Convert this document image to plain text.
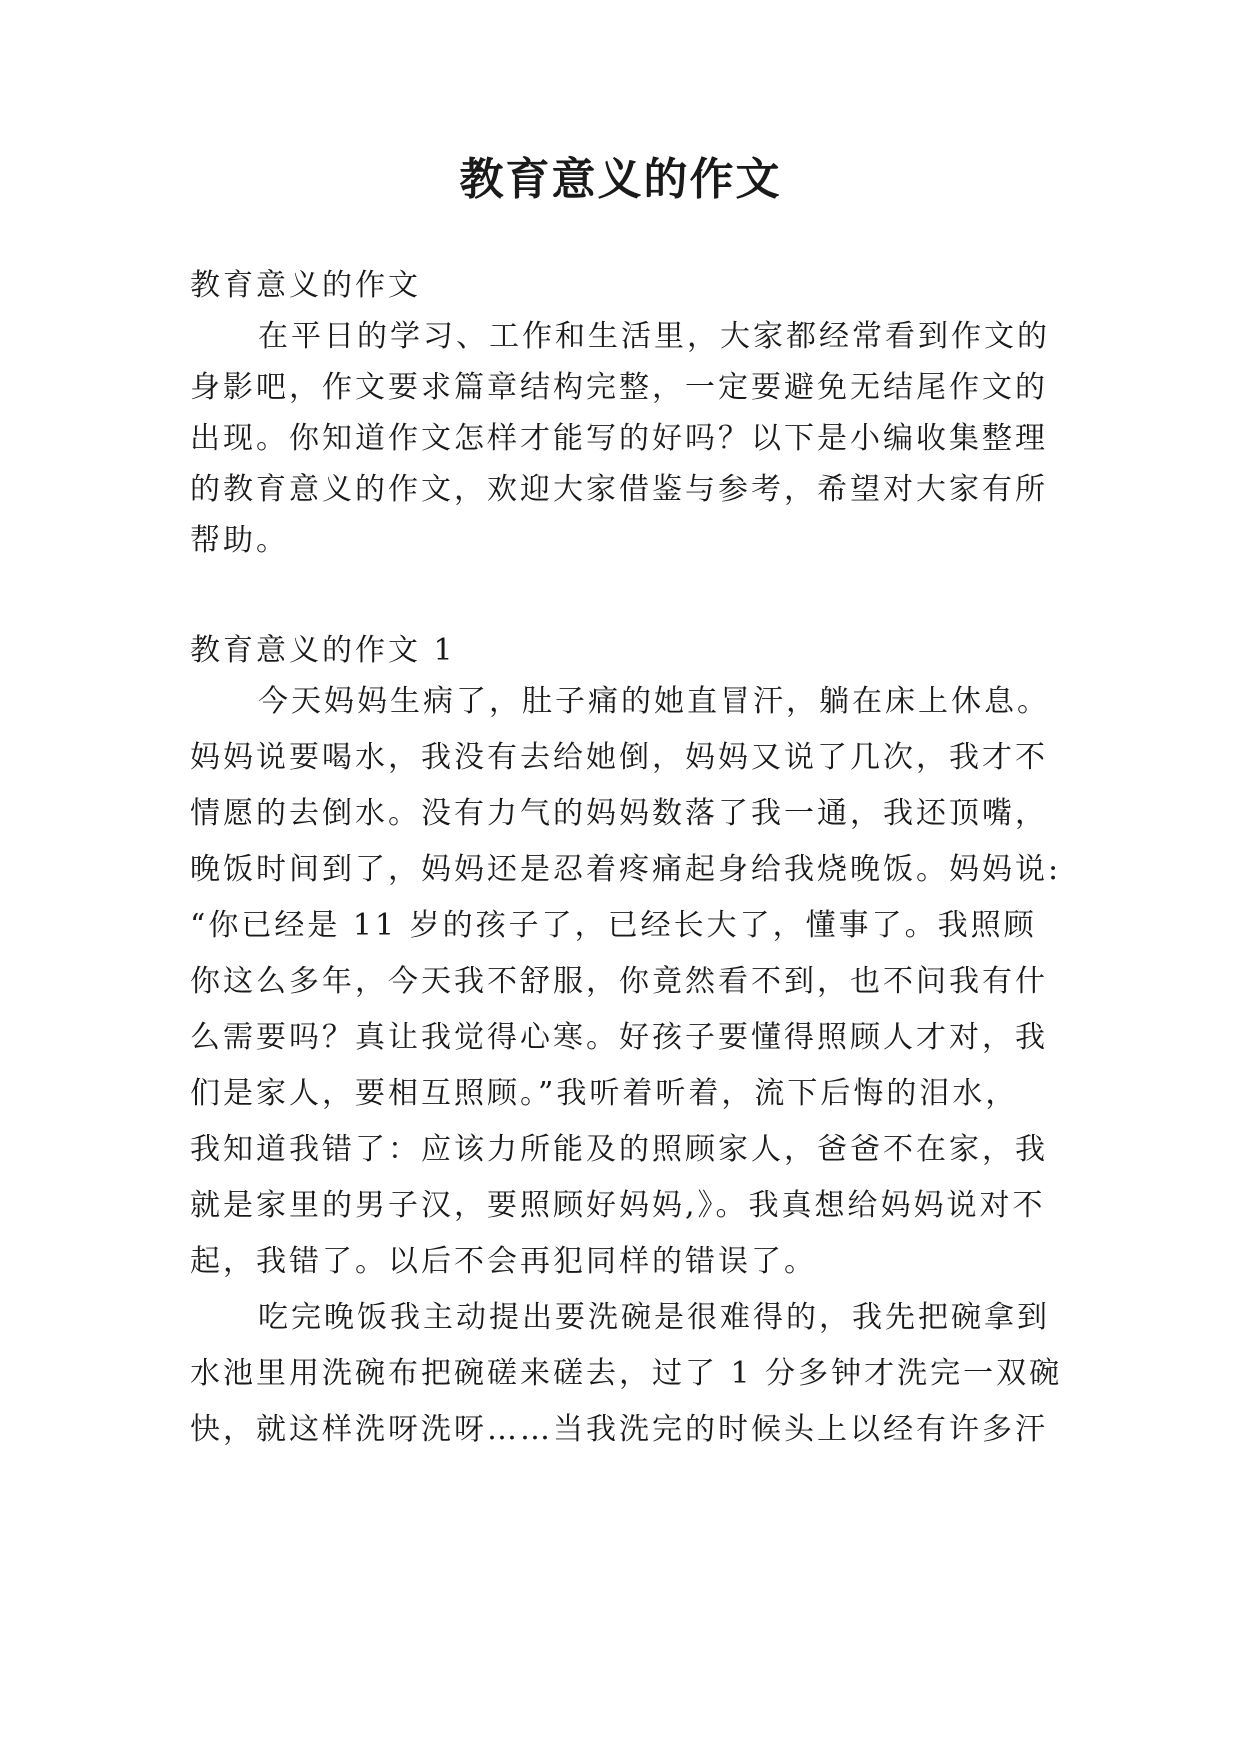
教育意义的作文
教育意义的作文
在平日的学习、工作和生活里，大家都经常看到作文的
身影吧，作文要求篇章结构完整，一定要避免无结尾作文的
出现。你知道作文怎样才能写的好吗？以下是小编收集整理
的教育意义的作文，欢迎大家借鉴与参考，希望对大家有所
帮助。
教育意义的作文 1
今天妈妈生病了，肚子痛的她直冒汗，躺在床上休息。
妈妈说要喝水，我没有去给她倒，妈妈又说了几次，我才不
情愿的去倒水。没有力气的妈妈数落了我一通，我还顶嘴，
晚饭时间到了，妈妈还是忍着疼痛起身给我烧晚饭。妈妈说:
“你已经是 11 岁的孩子了，已经长大了，懂事了。我照顾
你这么多年，今天我不舒服，你竟然看不到，也不问我有什
么需要吗？真让我觉得心寒。好孩子要懂得照顾人才对，我
们是家人，要相互照顾。”我听着听着，流下后悔的泪水，
我知道我错了：应该力所能及的照顾家人，爸爸不在家，我
就是家里的男子汉，要照顾好妈妈,》。我真想给妈妈说对不
起，我错了。以后不会再犯同样的错误了。
吃完晚饭我主动提出要洗碗是很难得的，我先把碗拿到
水池里用洗碗布把碗磋来磋去，过了 1 分多钟才洗完一双碗
快，就这样洗呀洗呀……当我洗完的时候头上以经有许多汗
